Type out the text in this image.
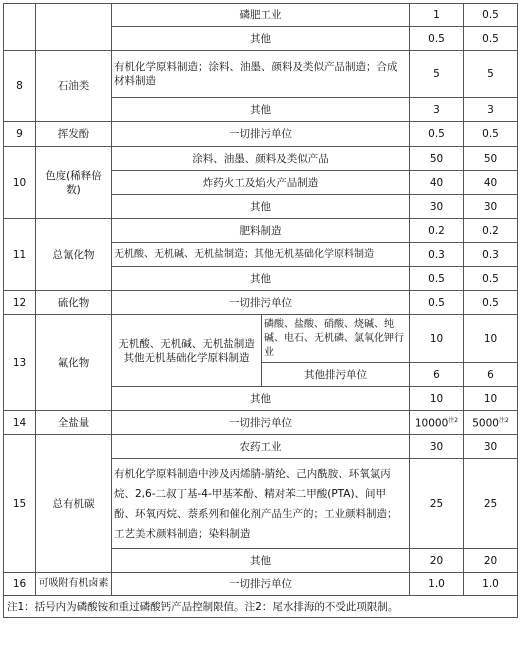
		磷肥工业		1	0.5
		其他		0.5	0.5
8	石油类	有机化学原料制造；涂料、油墨、颜料及类似产品制造；合成材料制造		5	5
		其他		3	3
9	挥发酚	一切排污单位		0.5	0.5
10	色度(稀释倍数)	涂料、油墨、颜料及类似产品		50	50
		炸药火工及焰火产品制造		40	40
		其他		30	30
11	总氰化物	肥料制造		0.2	0.2
		无机酸、无机碱、无机盐制造；其他无机基础化学原料制造		0.3	0.3
		其他		0.5	0.5
12	硫化物	一切排污单位		0.5	0.5
13	氟化物	无机酸、无机碱、无机盐制造 其他无机基础化学原料制造	磷酸、盐酸、硝酸、烧碱、纯碱、电石、无机磷、氯氧化钾行业	10	10
			其他排污单位	6	6
		其他		10	10
14	全盐量	一切排污单位		10000$^{注2}$	5000$^{注2}$
15	总有机碳	农药工业		30	30
		有机化学原料制造中涉及丙烯腈-腈纶、己内酰胺、环氧氯丙烷、2,6-二叔丁基-4-甲基苯酚、精对苯二甲酸(PTA)、间甲酚、环氧丙烷、萘系列和催化剂产品生产的；工业颜料制造；工艺美术颜料制造；染料制造		25	25
		其他		20	20
16	可吸附有机卤素	一切排污单位		1.0	1.0
注1：括号内为磷酸铵和重过磷酸钙产品控制限值。注2：尾水排海的不受此项限制。					
